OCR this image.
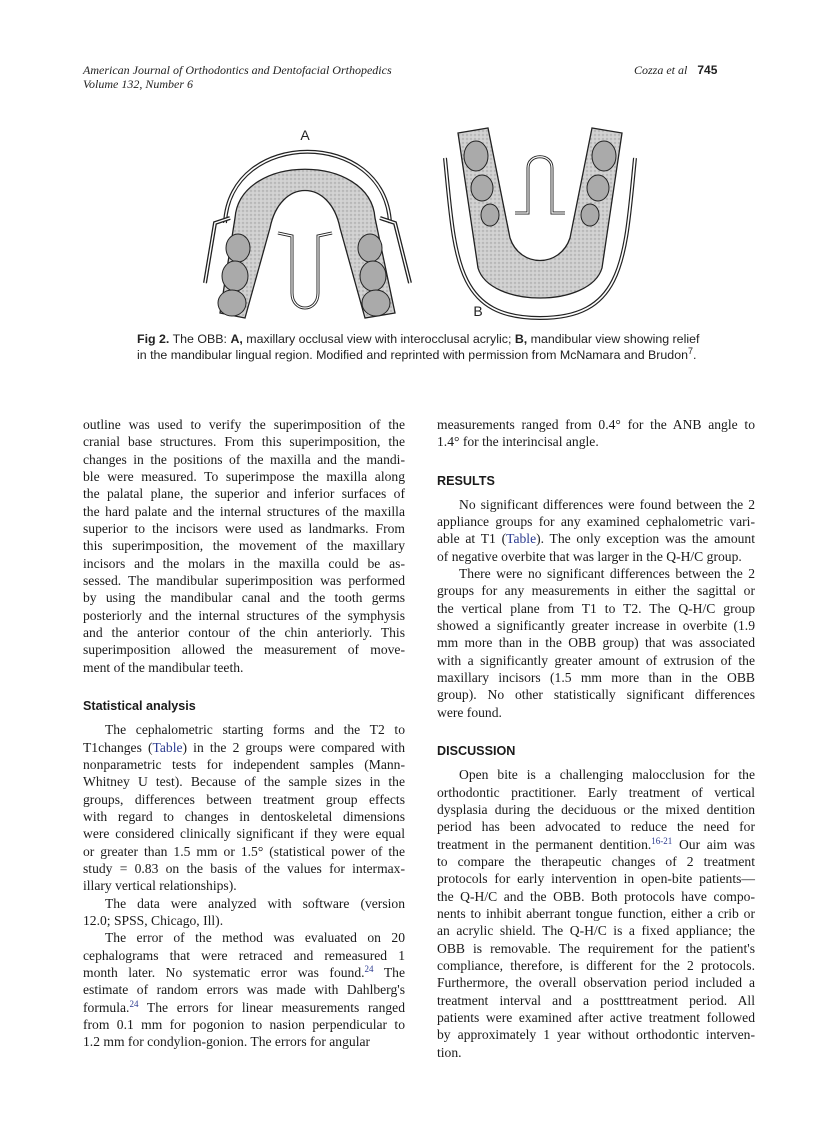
American Journal of Orthodontics and Dentofacial Orthopedics
Volume 132, Number 6
Cozza et al 745
A
B
Fig 2. The OBB: A, maxillary occlusal view with interocclusal acrylic; B, mandibular view showing relief in the mandibular lingual region. Modified and reprinted with permission from McNamara and Brudon$^7$.
outline was used to verify the superimposition of the
cranial base structures. From this superimposition, the
changes in the positions of the maxilla and the mandi-
ble were measured. To superimpose the maxilla along
the palatal plane, the superior and inferior surfaces of
the hard palate and the internal structures of the maxilla
superior to the incisors were used as landmarks. From
this superimposition, the movement of the maxillary
incisors and the molars in the maxilla could be as-
sessed. The mandibular superimposition was performed
by using the mandibular canal and the tooth germs
posteriorly and the internal structures of the symphysis
and the anterior contour of the chin anteriorly. This
superimposition allowed the measurement of move-
ment of the mandibular teeth.
Statistical analysis
The cephalometric starting forms and the T2 to
T1changes (Table) in the 2 groups were compared with
nonparametric tests for independent samples (Mann-
Whitney U test). Because of the sample sizes in the
groups, differences between treatment group effects
with regard to changes in dentoskeletal dimensions
were considered clinically significant if they were equal
or greater than 1.5 mm or 1.5° (statistical power of the
study = 0.83 on the basis of the values for intermax-
illary vertical relationships).
The data were analyzed with software (version
12.0; SPSS, Chicago, Ill).
The error of the method was evaluated on 20
cephalograms that were retraced and remeasured 1
month later. No systematic error was found.$^{24}$ The
estimate of random errors was made with Dahlberg's
formula.$^{24}$ The errors for linear measurements ranged
from 0.1 mm for pogonion to nasion perpendicular to
1.2 mm for condylion-gonion. The errors for angular
measurements ranged from 0.4° for the ANB angle to
1.4° for the interincisal angle.
RESULTS
No significant differences were found between the 2
appliance groups for any examined cephalometric vari-
able at T1 (Table). The only exception was the amount
of negative overbite that was larger in the Q-H/C group.
There were no significant differences between the 2
groups for any measurements in either the sagittal or
the vertical plane from T1 to T2. The Q-H/C group
showed a significantly greater increase in overbite (1.9
mm more than in the OBB group) that was associated
with a significantly greater amount of extrusion of the
maxillary incisors (1.5 mm more than in the OBB
group). No other statistically significant differences
were found.
DISCUSSION
Open bite is a challenging malocclusion for the
orthodontic practitioner. Early treatment of vertical
dysplasia during the deciduous or the mixed dentition
period has been advocated to reduce the need for
treatment in the permanent dentition.$^{16-21}$ Our aim was
to compare the therapeutic changes of 2 treatment
protocols for early intervention in open-bite patients—
the Q-H/C and the OBB. Both protocols have compo-
nents to inhibit aberrant tongue function, either a crib or
an acrylic shield. The Q-H/C is a fixed appliance; the
OBB is removable. The requirement for the patient's
compliance, therefore, is different for the 2 protocols.
Furthermore, the overall observation period included a
treatment interval and a postttreatment period. All
patients were examined after active treatment followed
by approximately 1 year without orthodontic interven-
tion.
